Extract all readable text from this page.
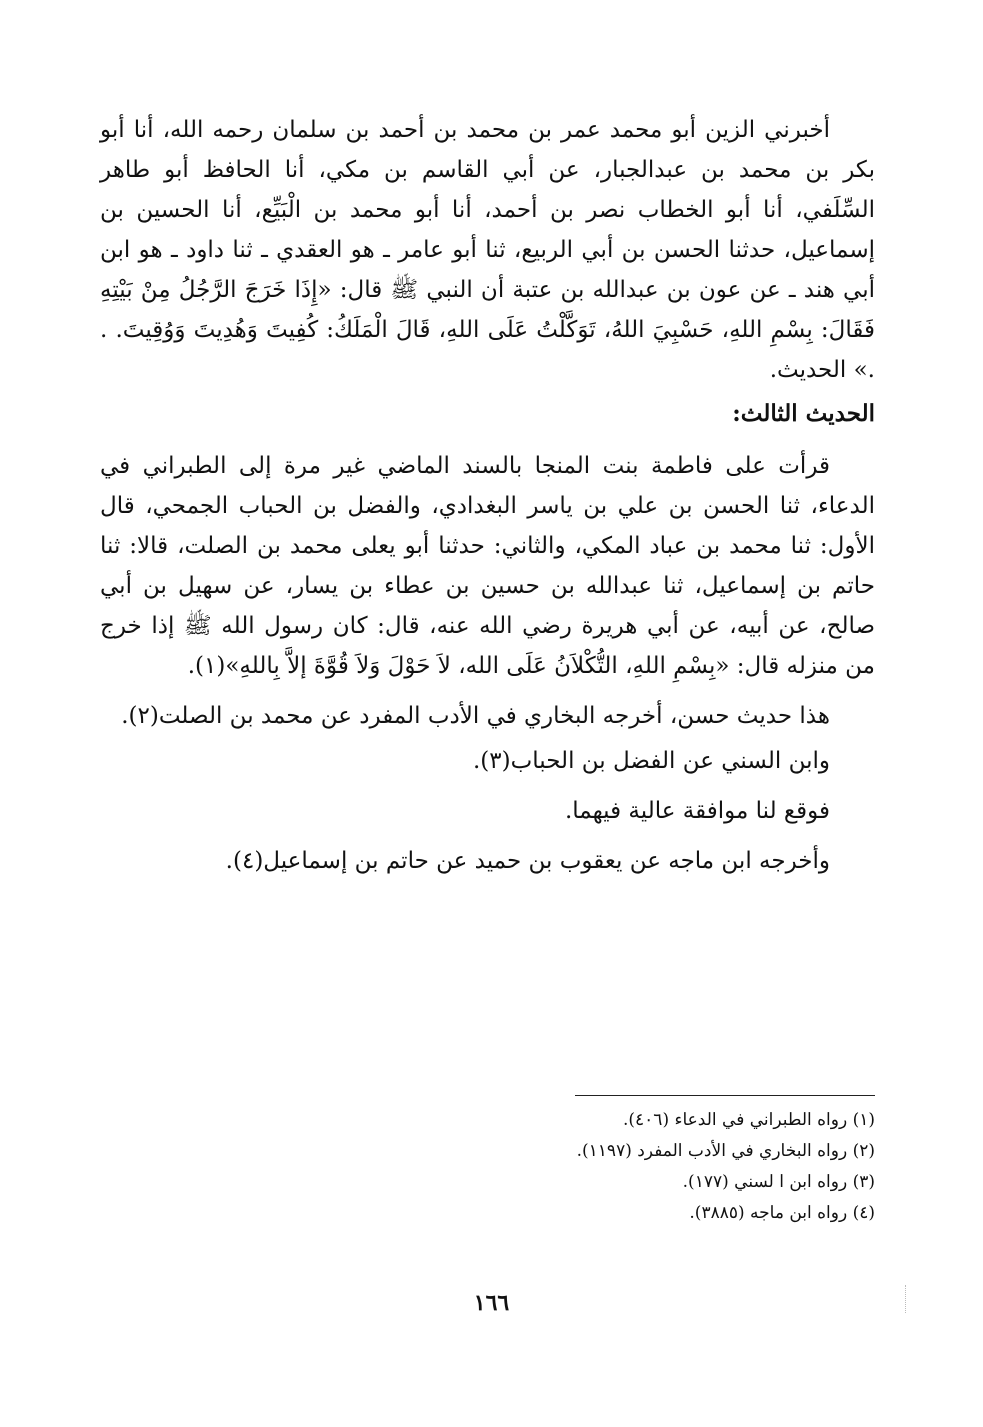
أخبرني الزين أبو محمد عمر بن محمد بن أحمد بن سلمان رحمه الله، أنا أبو بكر بن محمد بن عبدالجبار، عن أبي القاسم بن مكي، أنا الحافظ أبو طاهر السِّلَفي، أنا أبو الخطاب نصر بن أحمد، أنا أبو محمد بن الْبَيِّع، أنا الحسين بن إسماعيل، حدثنا الحسن بن أبي الربيع، ثنا أبو عامر ـ هو العقدي ـ ثنا داود ـ هو ابن أبي هند ـ عن عون بن عبدالله بن عتبة أن النبي ﷺ قال: «إِذَا خَرَجَ الرَّجُلُ مِنْ بَيْتِهِ فَقَالَ: بِسْمِ اللهِ، حَسْبِيَ اللهُ، تَوَكَّلْتُ عَلَى اللهِ، قَالَ الْمَلَكُ: كُفِيتَ وَهُدِيتَ وَوُقِيتَ. . .» الحديث.

الحديث الثالث:

قرأت على فاطمة بنت المنجا بالسند الماضي غير مرة إلى الطبراني في الدعاء، ثنا الحسن بن علي بن ياسر البغدادي، والفضل بن الحباب الجمحي، قال الأول: ثنا محمد بن عباد المكي، والثاني: حدثنا أبو يعلى محمد بن الصلت، قالا: ثنا حاتم بن إسماعيل، ثنا عبدالله بن حسين بن عطاء بن يسار، عن سهيل بن أبي صالح، عن أبيه، عن أبي هريرة رضي الله عنه، قال: كان رسول الله ﷺ إذا خرج من منزله قال: «بِسْمِ اللهِ، التُّكْلاَنُ عَلَى الله، لاَ حَوْلَ وَلاَ قُوَّةَ إلاَّ بِاللهِ»(١).

هذا حديث حسن، أخرجه البخاري في الأدب المفرد عن محمد بن الصلت(٢).

وابن السني عن الفضل بن الحباب(٣).
فوقع لنا موافقة عالية فيهما.
وأخرجه ابن ماجه عن يعقوب بن حميد عن حاتم بن إسماعيل(٤).
(١) رواه الطبراني في الدعاء (٤٠٦).
(٢) رواه البخاري في الأدب المفرد (١١٩٧).
(٣) رواه ابن ا لسني (١٧٧).
(٤) رواه ابن ماجه (٣٨٨٥).
١٦٦
